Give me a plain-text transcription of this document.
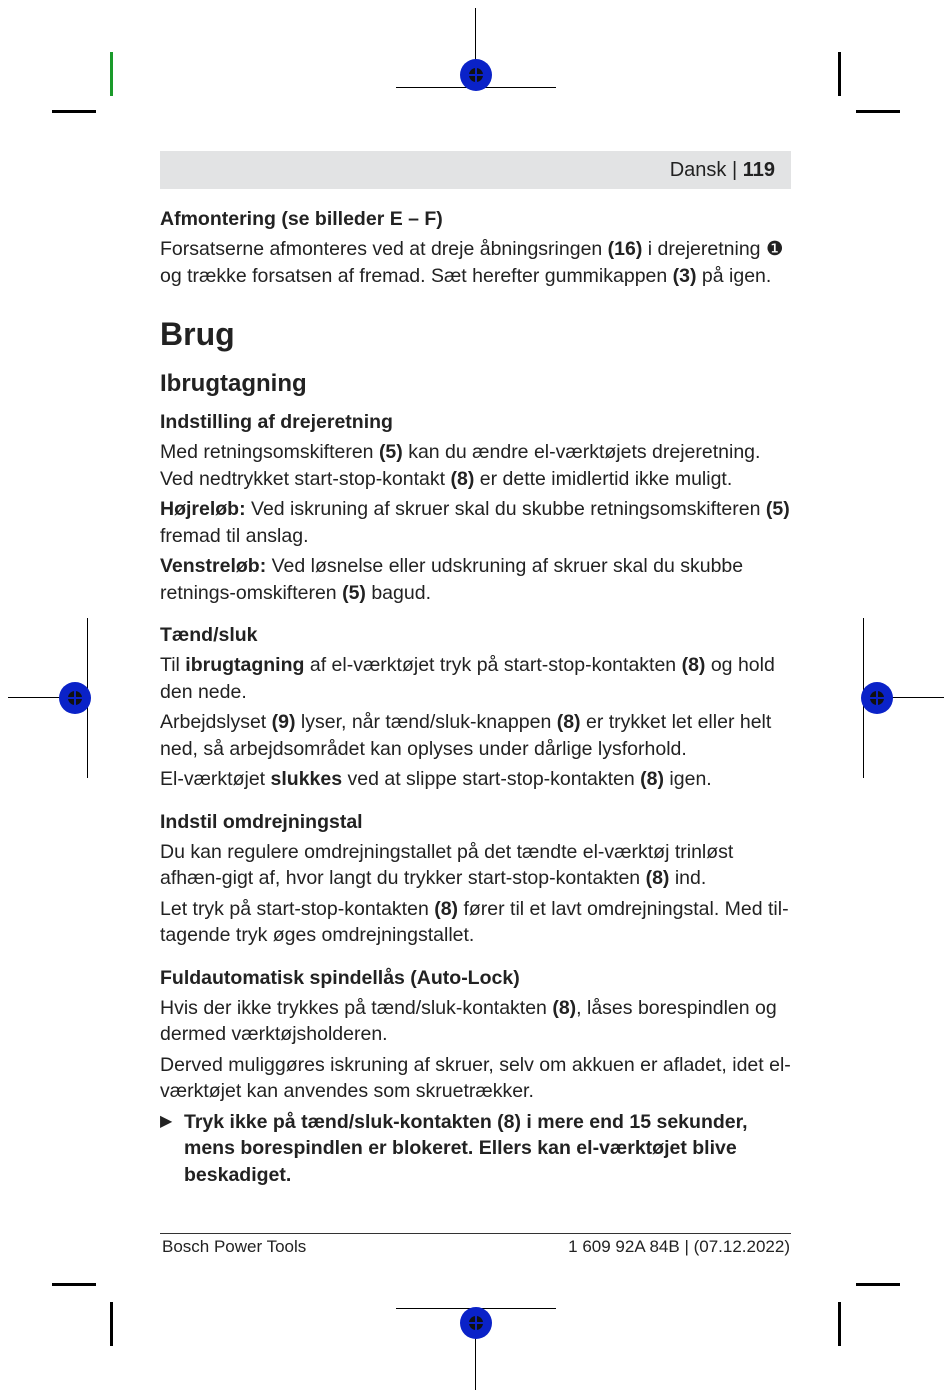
Dansk | 119
Afmontering (se billeder E – F)

Forsatserne afmonteres ved at dreje åbningsringen (16) i drejeretning ❶ og trække forsatsen af fremad. Sæt herefter gummikappen (3) på igen.

Brug
Ibrugtagning
Indstilling af drejeretning

Med retningsomskifteren (5) kan du ændre el-værktøjets drejeretning. Ved nedtrykket start-stop-kontakt (8) er dette imidlertid ikke muligt.

Højreløb: Ved iskruning af skruer skal du skubbe retningsomskifteren (5) fremad til anslag.

Venstreløb: Ved løsnelse eller udskruning af skruer skal du skubbe retnings-omskifteren (5) bagud.

Tænd/sluk

Til ibrugtagning af el-værktøjet tryk på start-stop-kontakten (8) og hold den nede.

Arbejdslyset (9) lyser, når tænd/sluk-knappen (8) er trykket let eller helt ned, så arbejdsområdet kan oplyses under dårlige lysforhold.

El-værktøjet slukkes ved at slippe start-stop-kontakten (8) igen.

Indstil omdrejningstal

Du kan regulere omdrejningstallet på det tændte el-værktøj trinløst afhæn-gigt af, hvor langt du trykker start-stop-kontakten (8) ind.

Let tryk på start-stop-kontakten (8) fører til et lavt omdrejningstal. Med til-tagende tryk øges omdrejningstallet.

Fuldautomatisk spindellås (Auto-Lock)

Hvis der ikke trykkes på tænd/sluk-kontakten (8), låses borespindlen og dermed værktøjsholderen.

Derved muliggøres iskruning af skruer, selv om akkuen er afladet, idet el-værktøjet kan anvendes som skruetrækker.

▶ Tryk ikke på tænd/sluk-kontakten (8) i mere end 15 sekunder, mens borespindlen er blokeret. Ellers kan el-værktøjet blive beskadiget.
Bosch Power Tools	1 609 92A 84B | (07.12.2022)
